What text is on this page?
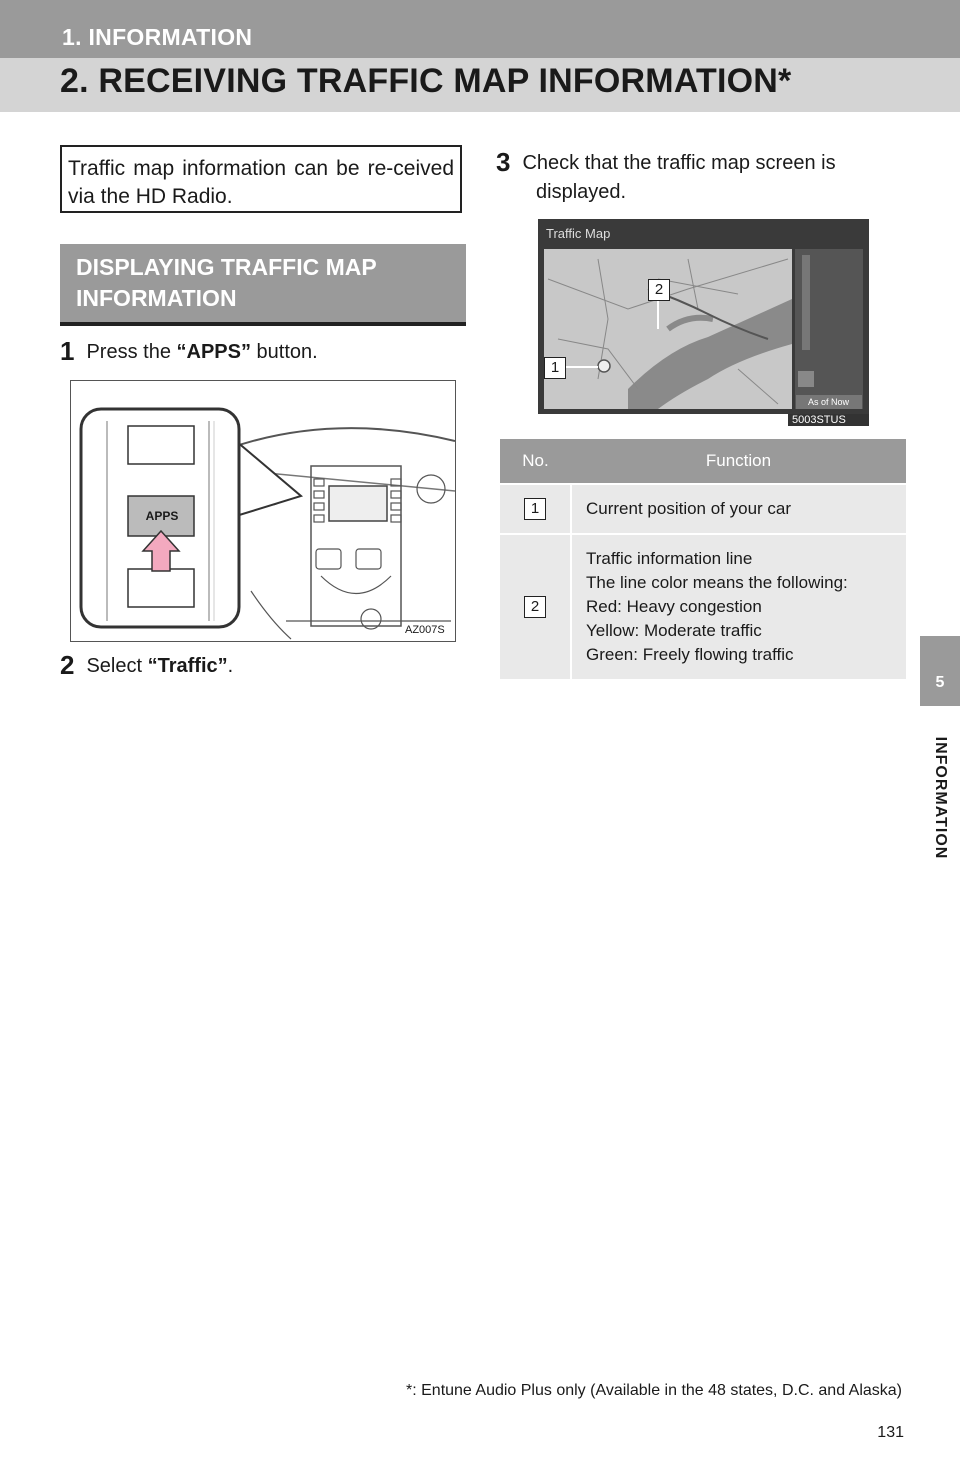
1. INFORMATION
2. RECEIVING TRAFFIC MAP INFORMATION*
5
INFORMATION
Traffic map information can be re-ceived via the HD Radio.
DISPLAYING TRAFFIC MAP
INFORMATION
1 Press the “APPS” button.
APPS
AZ007S
2 Select “Traffic”.
3 Check that the traffic map screen is
displayed.
Traffic Map
As of Now
2
1
5003STUS
No.	Function
1	Current position of your car
2	Traffic information line
The line color means the following:
Red: Heavy congestion
Yellow: Moderate traffic
Green: Freely flowing traffic
*: Entune Audio Plus only (Available in the 48 states, D.C. and Alaska)
131
